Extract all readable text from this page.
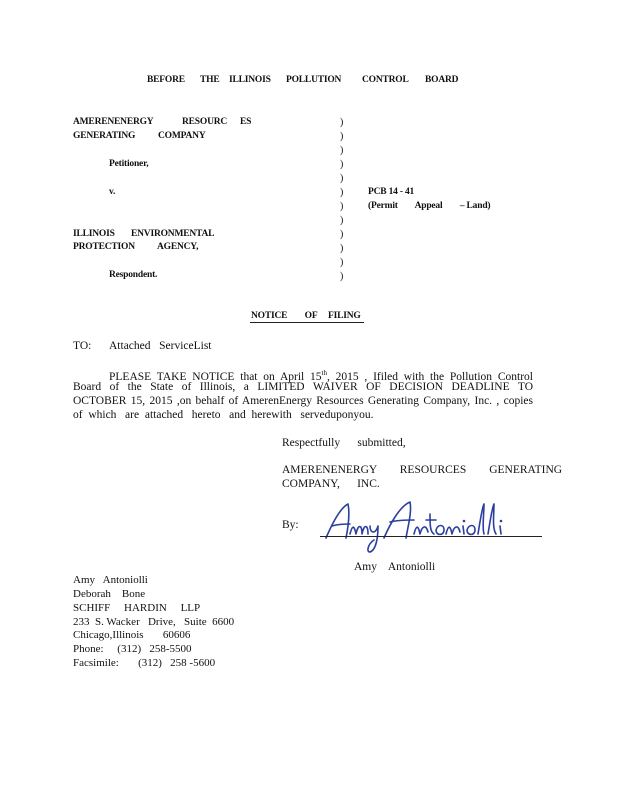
BEFORE THE ILLINOIS POLLUTION CONTROL BOARD
AMERENENERGY	RESOURC ES
GENERATING COMPANY
Petitioner,
v.
ILLINOIS ENVIRONMENTAL
PROTECTION AGENCY,
Respondent.
)
)
)
)
)
)
)
)
)
)
)
)
PCB 14 - 41
(Permit        Appeal        – Land)
NOTICE        OF     FILING
TO: Attached   ServiceList
PLEASE TAKE NOTICE that on April 15th, 2015 , Ifiled with the Pollution Control
Board of the State of Illinois, a LIMITED WAIVER OF DECISION DEADLINE TO
OCTOBER 15, 2015 ,on behalf of AmerenEnergy Resources Generating Company, Inc. , copies
of  which   are  attached   hereto   and  herewith   serveduponyou.
Respectfully      submitted,
AMERENENERGY        RESOURCES        GENERATING
COMPANY,      INC.
By:
Amy Antoniolli
Amy    Antoniolli
Amy   Antoniolli
Deborah    Bone
SCHIFF     HARDIN     LLP
233  S. Wacker   Drive,   Suite  6600
Chicago,Illinois       60606
Phone:     (312)   258-5500
Facsimile:       (312)   258 -5600
